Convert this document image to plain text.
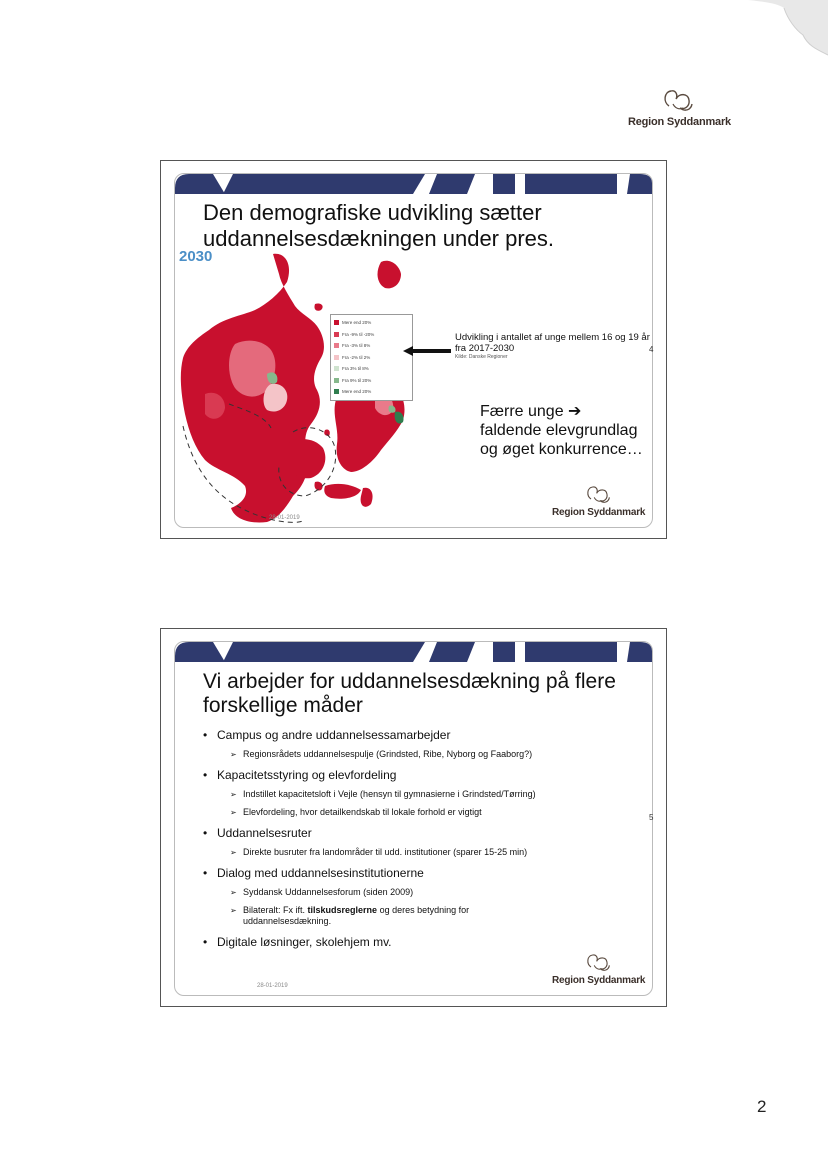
Region Syddanmark
Den demografiske udvikling sætter uddannelsesdækningen under pres.
2030
Mere end 20%
Fra -9% til -20%
Fra -3% til 8%
Fra -2% til 2%
Fra 3% til 8%
Fra 9% til 20%
Mere end 20%
Udvikling i antallet af unge mellem 16 og 19 år fra 2017-2030
Kilde: Danske Regioner
Færre unge ➔
faldende elevgrundlag
og øget konkurrence…
28-01-2019	Region Syddanmark
4
Vi arbejder for uddannelsesdækning på flere forskellige måder
• Campus og andre uddannelsessamarbejder
➢ Regionsrådets uddannelsespulje (Grindsted, Ribe, Nyborg og Faaborg?)
• Kapacitetsstyring og elevfordeling
➢ Indstillet kapacitetsloft i Vejle (hensyn til gymnasierne i Grindsted/Tørring)
➢ Elevfordeling, hvor detailkendskab til lokale forhold er vigtigt
• Uddannelsesruter
➢ Direkte busruter fra landområder til udd. institutioner (sparer 15-25 min)
• Dialog med uddannelsesinstitutionerne
➢ Syddansk Uddannelsesforum (siden 2009)
➢ Bilateralt: Fx ift. tilskudsreglerne og deres betydning for uddannelsesdækning.
• Digitale løsninger, skolehjem mv.
28-01-2019	Region Syddanmark
5
2
